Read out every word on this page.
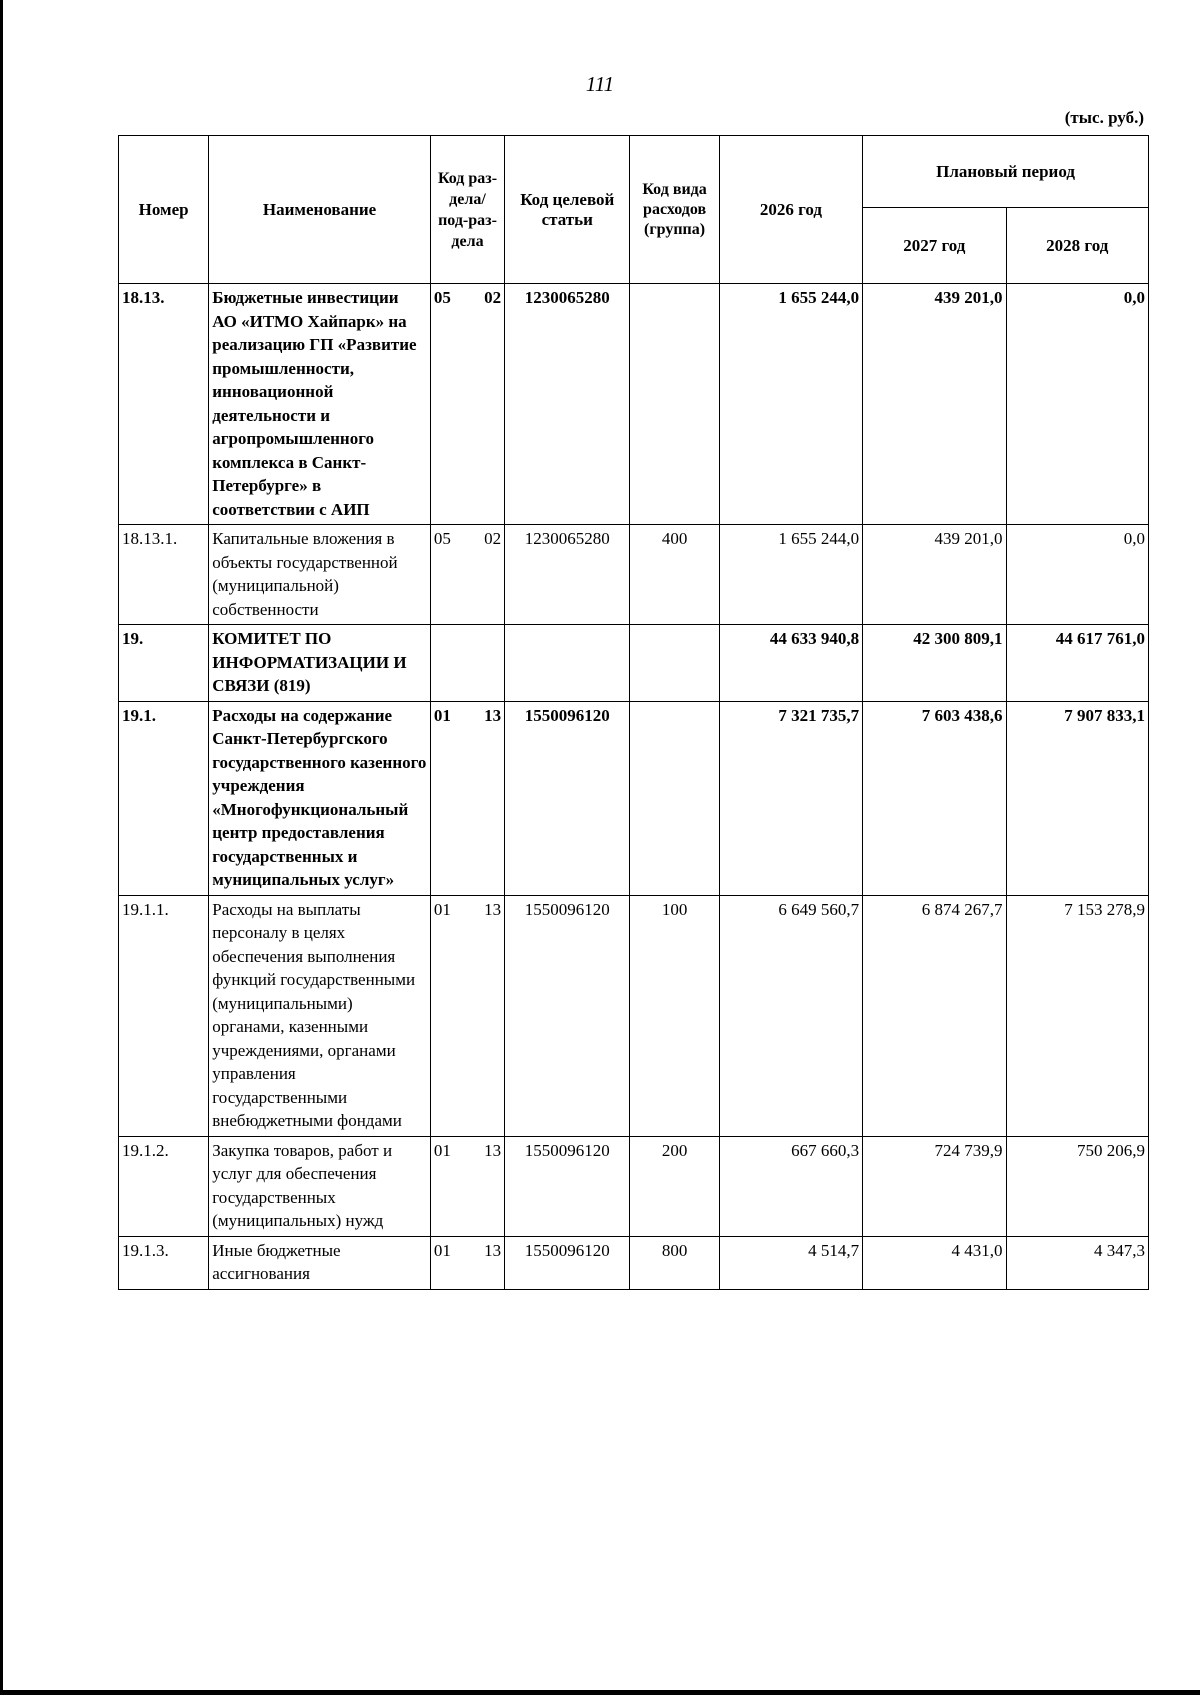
111
(тыс. руб.)
Номер	Наименование	Код раз-дела/ под-раз-дела	Код целевой статьи	Код вида расходов (группа)	2026 год	Плановый период	
						2027 год	2028 год
18.13.	Бюджетные инвестиции АО «ИТМО Хайпарк» на реализацию ГП «Развитие промышленности, инновационной деятельности и агропромышленного комплекса в Санкт-Петербурге» в соответствии с АИП	05 02	1230065280		1 655 244,0	439 201,0	0,0
18.13.1.	Капитальные вложения в объекты государственной (муниципальной) собственности	05 02	1230065280	400	1 655 244,0	439 201,0	0,0
19.	КОМИТЕТ ПО ИНФОРМАТИЗАЦИИ И СВЯЗИ (819)				44 633 940,8	42 300 809,1	44 617 761,0
19.1.	Расходы на содержание Санкт-Петербургского государственного казенного учреждения «Многофункциональный центр предоставления государственных и муниципальных услуг»	01 13	1550096120		7 321 735,7	7 603 438,6	7 907 833,1
19.1.1.	Расходы на выплаты персоналу в целях обеспечения выполнения функций государственными (муниципальными) органами, казенными учреждениями, органами управления государственными внебюджетными фондами	01 13	1550096120	100	6 649 560,7	6 874 267,7	7 153 278,9
19.1.2.	Закупка товаров, работ и услуг для обеспечения государственных (муниципальных) нужд	01 13	1550096120	200	667 660,3	724 739,9	750 206,9
19.1.3.	Иные бюджетные ассигнования	01 13	1550096120	800	4 514,7	4 431,0	4 347,3
